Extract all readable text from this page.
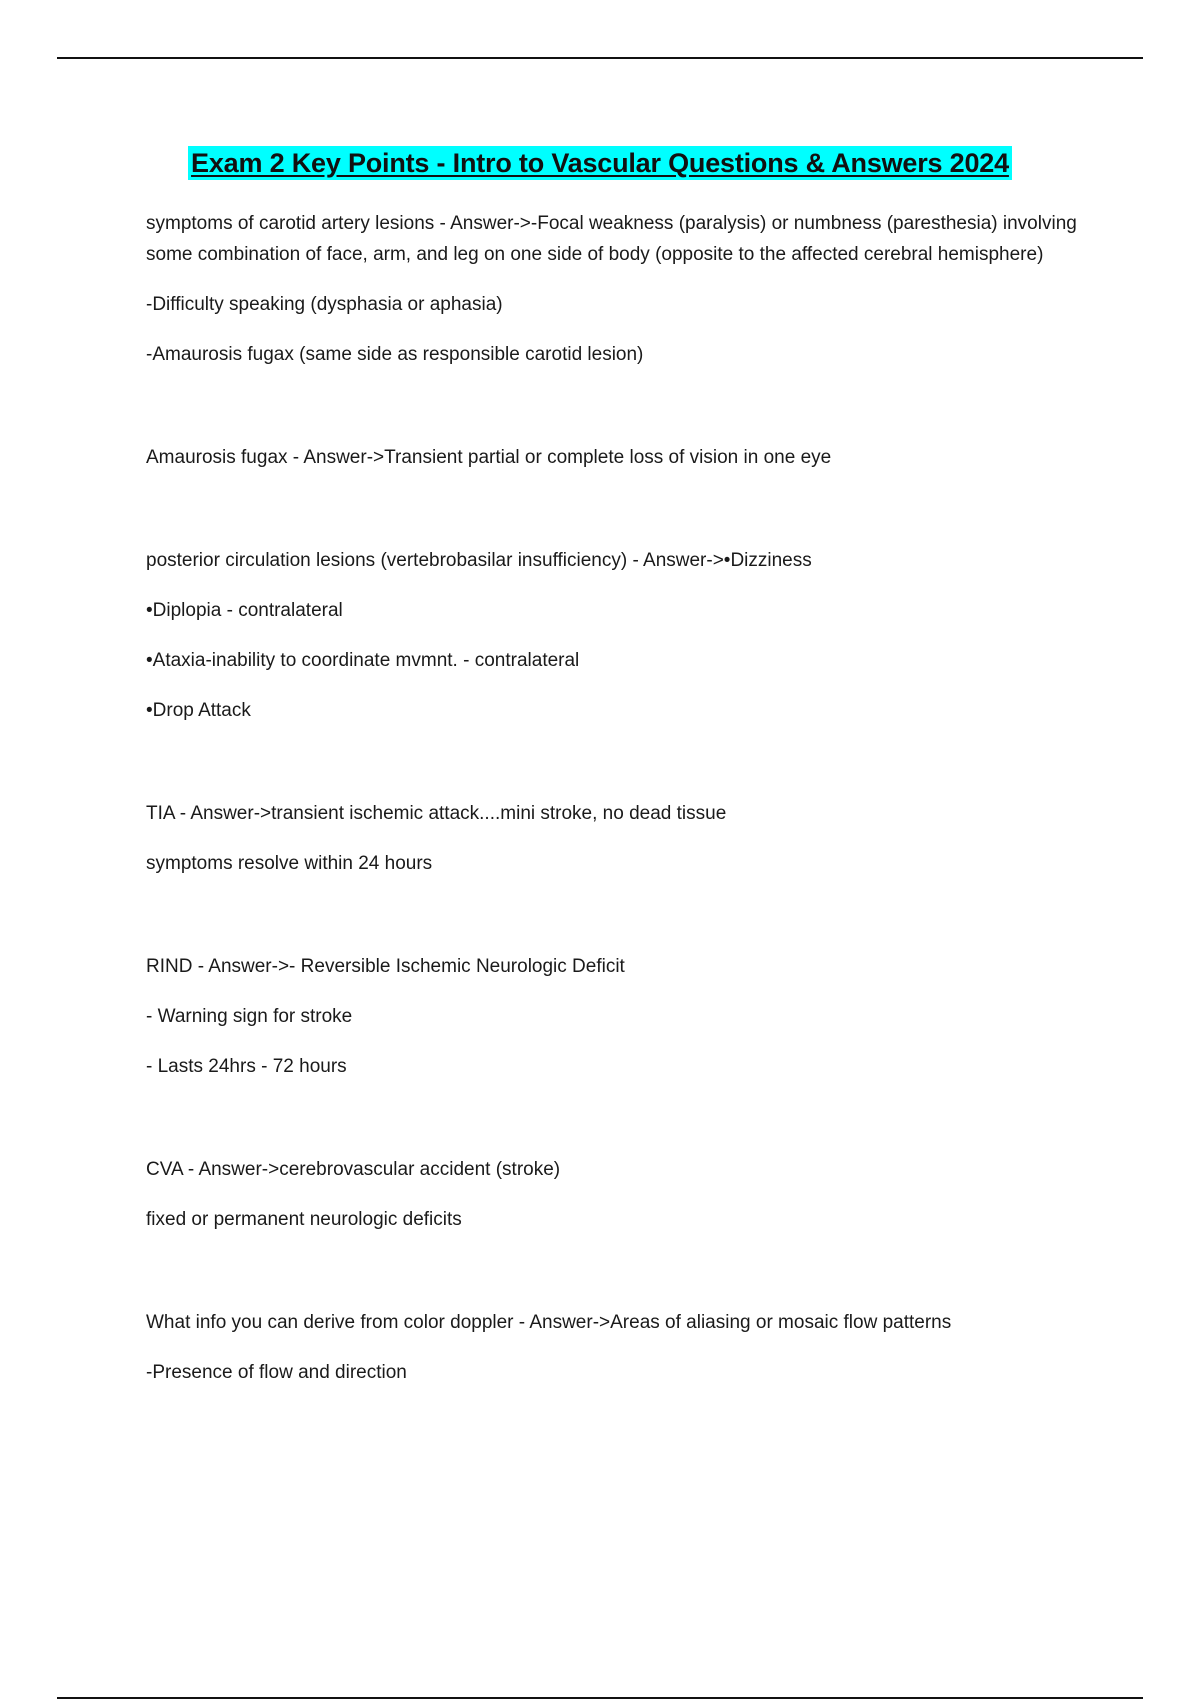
Exam 2 Key Points - Intro to Vascular Questions & Answers 2024

symptoms of carotid artery lesions - Answer->-Focal weakness (paralysis) or numbness (paresthesia) involving some combination of face, arm, and leg on one side of body (opposite to the affected cerebral hemisphere)

-Difficulty speaking (dysphasia or aphasia)

-Amaurosis fugax (same side as responsible carotid lesion)

Amaurosis fugax - Answer->Transient partial or complete loss of vision in one eye

posterior circulation lesions (vertebrobasilar insufficiency) - Answer->•Dizziness

•Diplopia - contralateral

•Ataxia-inability to coordinate mvmnt. - contralateral

•Drop Attack

TIA - Answer->transient ischemic attack....mini stroke, no dead tissue

symptoms resolve within 24 hours

RIND - Answer->- Reversible Ischemic Neurologic Deficit

- Warning sign for stroke

- Lasts 24hrs - 72 hours

CVA - Answer->cerebrovascular accident (stroke)

fixed or permanent neurologic deficits

What info you can derive from color doppler - Answer->Areas of aliasing or mosaic flow patterns

-Presence of flow and direction
